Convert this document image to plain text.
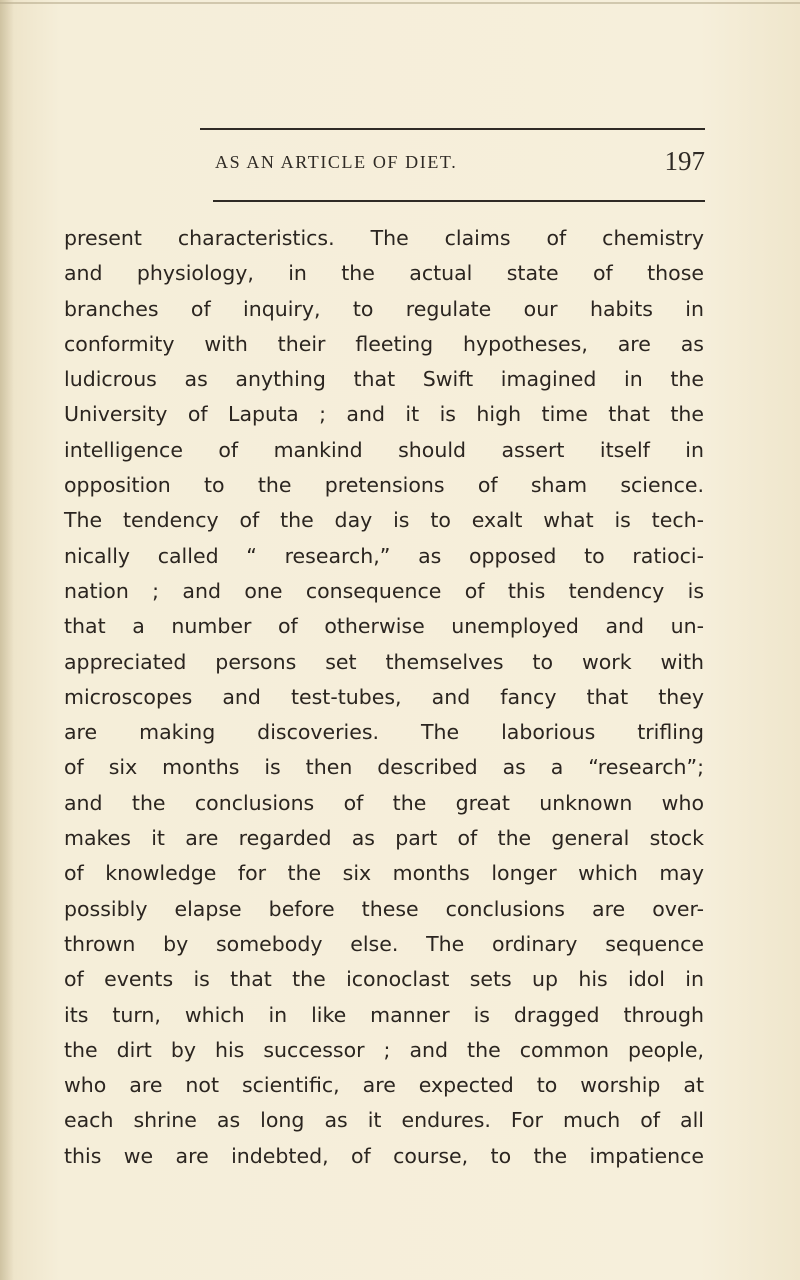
AS AN ARTICLE OF DIET.	197
present characteristics. The claims of chemistry
and physiology, in the actual state of those
branches of inquiry, to regulate our habits in
conformity with their fleeting hypotheses, are as
ludicrous as anything that Swift imagined in the
University of Laputa ; and it is high time that the
intelligence of mankind should assert itself in
opposition to the pretensions of sham science.
The tendency of the day is to exalt what is tech-
nically called “ research,” as opposed to ratioci-
nation ; and one consequence of this tendency is
that a number of otherwise unemployed and un-
appreciated persons set themselves to work with
microscopes and test-tubes, and fancy that they
are making discoveries. The laborious trifling
of six months is then described as a “research”;
and the conclusions of the great unknown who
makes it are regarded as part of the general stock
of knowledge for the six months longer which may
possibly elapse before these conclusions are over-
thrown by somebody else. The ordinary sequence
of events is that the iconoclast sets up his idol in
its turn, which in like manner is dragged through
the dirt by his successor ; and the common people,
who are not scientific, are expected to worship at
each shrine as long as it endures. For much of all
this we are indebted, of course, to the impatience
